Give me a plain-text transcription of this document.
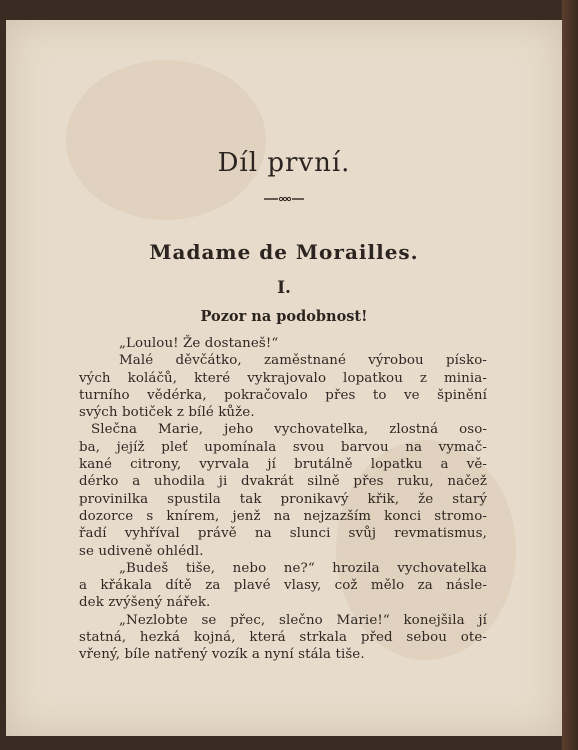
Díl první.
Madame de Morailles.
I.
Pozor na podobnost!
„Loulou! Že dostaneš!“
Malé děvčátko, zaměstnané výrobou písko-
vých koláčů, které vykrajovalo lopatkou z minia-
turního vědérka, pokračovalo přes to ve špinění
svých botiček z bílé kůže.
Slečna Marie, jeho vychovatelka, zlostná oso-
ba, jejíž pleť upomínala svou barvou na vymač-
kané citrony, vyrvala jí brutálně lopatku a vě-
dérko a uhodila ji dvakrát silně přes ruku, načež
provinilka spustila tak pronikavý křik, že starý
dozorce s knírem, jenž na nejzazším konci stromo-
řadí vyhříval právě na slunci svůj revmatismus,
se udiveně ohlédl.
„Budeš tiše, nebo ne?“ hrozila vychovatelka
a křákala dítě za plavé vlasy, což mělo za násle-
dek zvýšený nářek.
„Nezlobte se přec, slečno Marie!“ konejšila jí
statná, hezká kojná, která strkala před sebou ote-
vřený, bíle natřený vozík a nyní stála tiše.
